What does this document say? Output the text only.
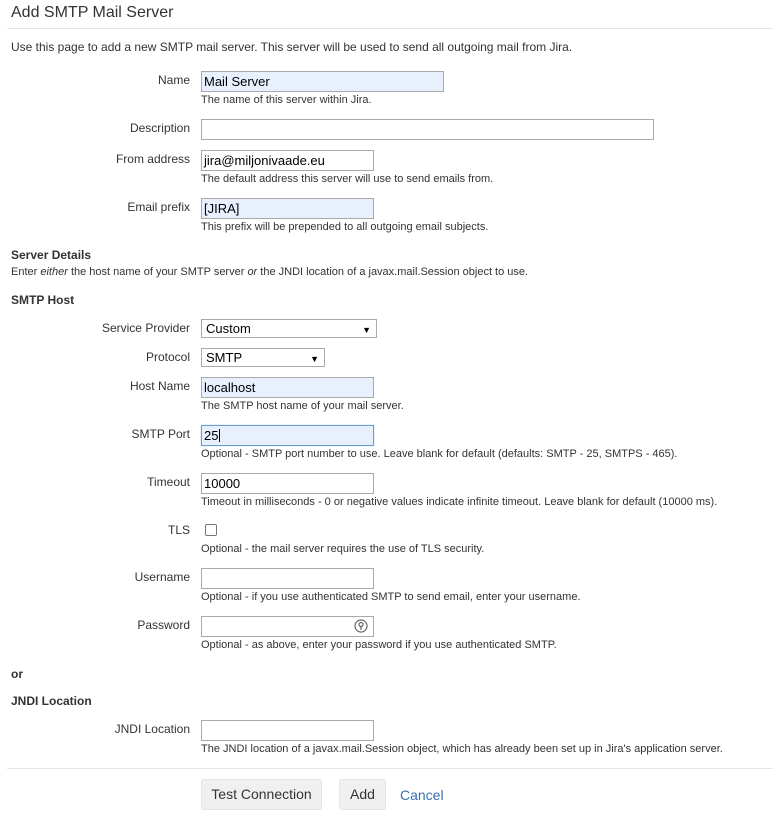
Add SMTP Mail Server
Use this page to add a new SMTP mail server. This server will be used to send all outgoing mail from Jira.
Name Mail Server
The name of this server within Jira.
Description
From address jira@miljonivaade.eu
The default address this server will use to send emails from.
Email prefix [JIRA]
This prefix will be prepended to all outgoing email subjects.
Server Details
Enter either the host name of your SMTP server or the JNDI location of a javax.mail.Session object to use.
SMTP Host
Service Provider	Custom	▼
Protocol	SMTP	▼
Host Name localhost
The SMTP host name of your mail server.
SMTP Port 25
Optional - SMTP port number to use. Leave blank for default (defaults: SMTP - 25, SMTPS - 465).
Timeout 10000
Timeout in milliseconds - 0 or negative values indicate infinite timeout. Leave blank for default (10000 ms).
TLS
Optional - the mail server requires the use of TLS security.
Username
Optional - if you use authenticated SMTP to send email, enter your username.
Password
Optional - as above, enter your password if you use authenticated SMTP.
or
JNDI Location
JNDI Location
The JNDI location of a javax.mail.Session object, which has already been set up in Jira's application server.
Test Connection	Add	Cancel
